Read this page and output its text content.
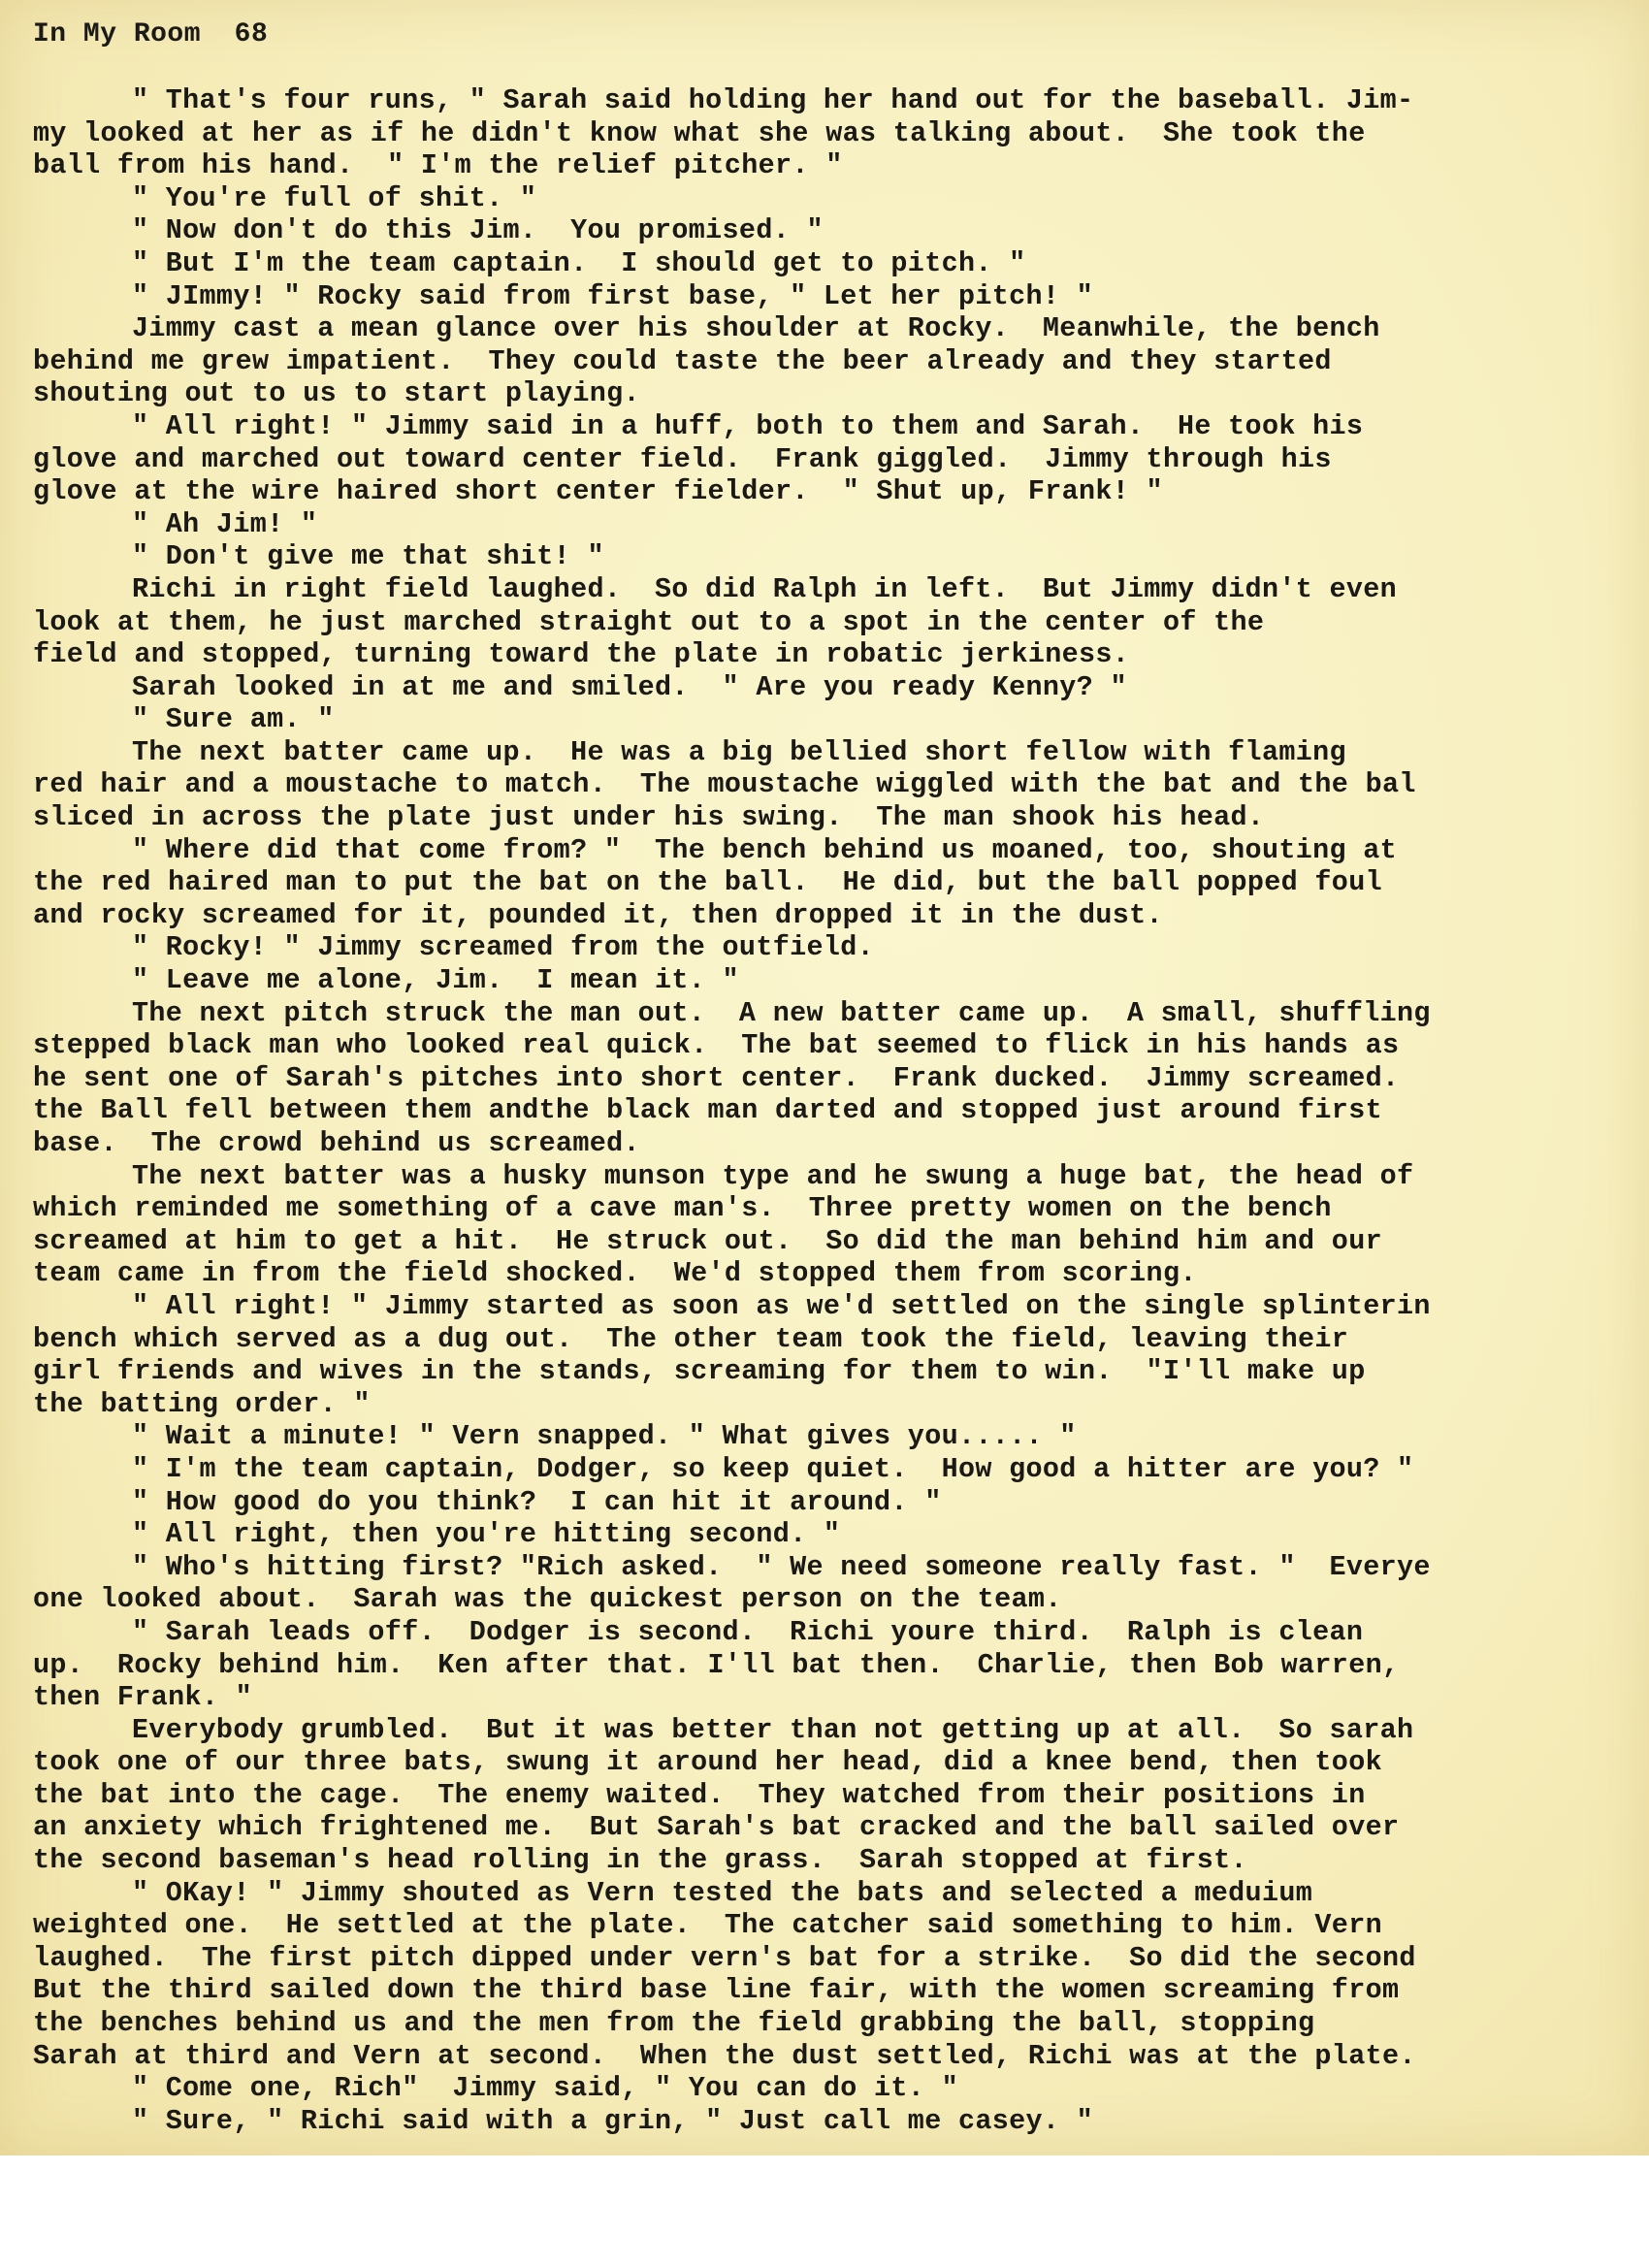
In My Room 68
" That's four runs, " Sarah said holding her hand out for the baseball. Jim-
my looked at her as if he didn't know what she was talking about.  She took the
ball from his hand.  " I'm the relief pitcher. "
" You're full of shit. "
" Now don't do this Jim.  You promised. "
" But I'm the team captain.  I should get to pitch. "
" JImmy! " Rocky said from first base, " Let her pitch! "
Jimmy cast a mean glance over his shoulder at Rocky.  Meanwhile, the bench
behind me grew impatient.  They could taste the beer already and they started
shouting out to us to start playing.
" All right! " Jimmy said in a huff, both to them and Sarah.  He took his
glove and marched out toward center field.  Frank giggled.  Jimmy through his
glove at the wire haired short center fielder.  " Shut up, Frank! "
" Ah Jim! "
" Don't give me that shit! "
Richi in right field laughed.  So did Ralph in left.  But Jimmy didn't even
look at them, he just marched straight out to a spot in the center of the
field and stopped, turning toward the plate in robatic jerkiness.
Sarah looked in at me and smiled.  " Are you ready Kenny? "
" Sure am. "
The next batter came up.  He was a big bellied short fellow with flaming
red hair and a moustache to match.  The moustache wiggled with the bat and the bal
sliced in across the plate just under his swing.  The man shook his head.
" Where did that come from? "  The bench behind us moaned, too, shouting at
the red haired man to put the bat on the ball.  He did, but the ball popped foul
and rocky screamed for it, pounded it, then dropped it in the dust.
" Rocky! " Jimmy screamed from the outfield.
" Leave me alone, Jim.  I mean it. "
The next pitch struck the man out.  A new batter came up.  A small, shuffling
stepped black man who looked real quick.  The bat seemed to flick in his hands as
he sent one of Sarah's pitches into short center.  Frank ducked.  Jimmy screamed.
the Ball fell between them andthe black man darted and stopped just around first
base.  The crowd behind us screamed.
The next batter was a husky munson type and he swung a huge bat, the head of
which reminded me something of a cave man's.  Three pretty women on the bench
screamed at him to get a hit.  He struck out.  So did the man behind him and our
team came in from the field shocked.  We'd stopped them from scoring.
" All right! " Jimmy started as soon as we'd settled on the single splinterin
bench which served as a dug out.  The other team took the field, leaving their
girl friends and wives in the stands, screaming for them to win.  "I'll make up
the batting order. "
" Wait a minute! " Vern snapped. " What gives you..... "
" I'm the team captain, Dodger, so keep quiet.  How good a hitter are you? "
" How good do you think?  I can hit it around. "
" All right, then you're hitting second. "
" Who's hitting first? "Rich asked.  " We need someone really fast. "  Everye
one looked about.  Sarah was the quickest person on the team.
" Sarah leads off.  Dodger is second.  Richi youre third.  Ralph is clean
up.  Rocky behind him.  Ken after that. I'll bat then.  Charlie, then Bob warren,
then Frank. "
Everybody grumbled.  But it was better than not getting up at all.  So sarah
took one of our three bats, swung it around her head, did a knee bend, then took
the bat into the cage.  The enemy waited.  They watched from their positions in
an anxiety which frightened me.  But Sarah's bat cracked and the ball sailed over
the second baseman's head rolling in the grass.  Sarah stopped at first.
" OKay! " Jimmy shouted as Vern tested the bats and selected a meduium
weighted one.  He settled at the plate.  The catcher said something to him. Vern
laughed.  The first pitch dipped under vern's bat for a strike.  So did the second
But the third sailed down the third base line fair, with the women screaming from
the benches behind us and the men from the field grabbing the ball, stopping
Sarah at third and Vern at second.  When the dust settled, Richi was at the plate.
" Come one, Rich"  Jimmy said, " You can do it. "
" Sure, " Richi said with a grin, " Just call me casey. "
